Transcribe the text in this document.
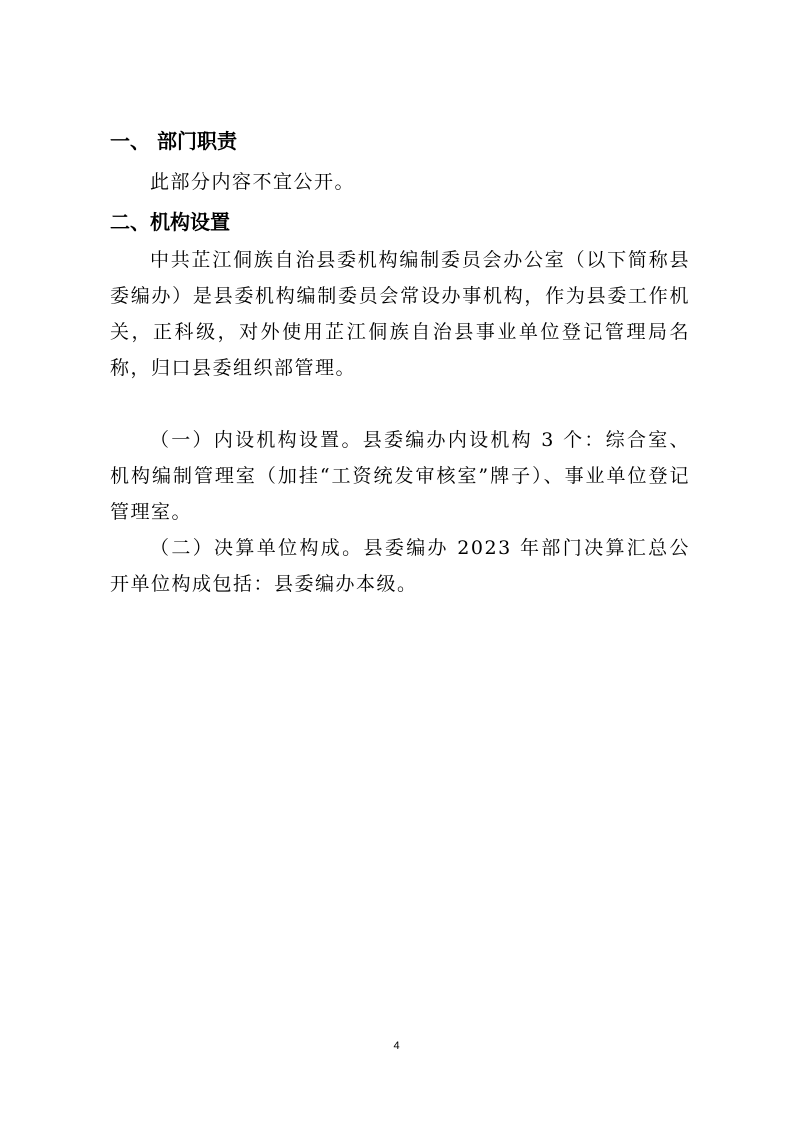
一、 部门职责
此部分内容不宜公开。
二、机构设置
中共芷江侗族自治县委机构编制委员会办公室（以下简称县委编办）是县委机构编制委员会常设办事机构，作为县委工作机关，正科级，对外使用芷江侗族自治县事业单位登记管理局名称，归口县委组织部管理。
（一）内设机构设置。县委编办内设机构 3 个：综合室、机构编制管理室（加挂“工资统发审核室”牌子）、事业单位登记管理室。
（二）决算单位构成。县委编办 2023 年部门决算汇总公开单位构成包括：县委编办本级。
4
